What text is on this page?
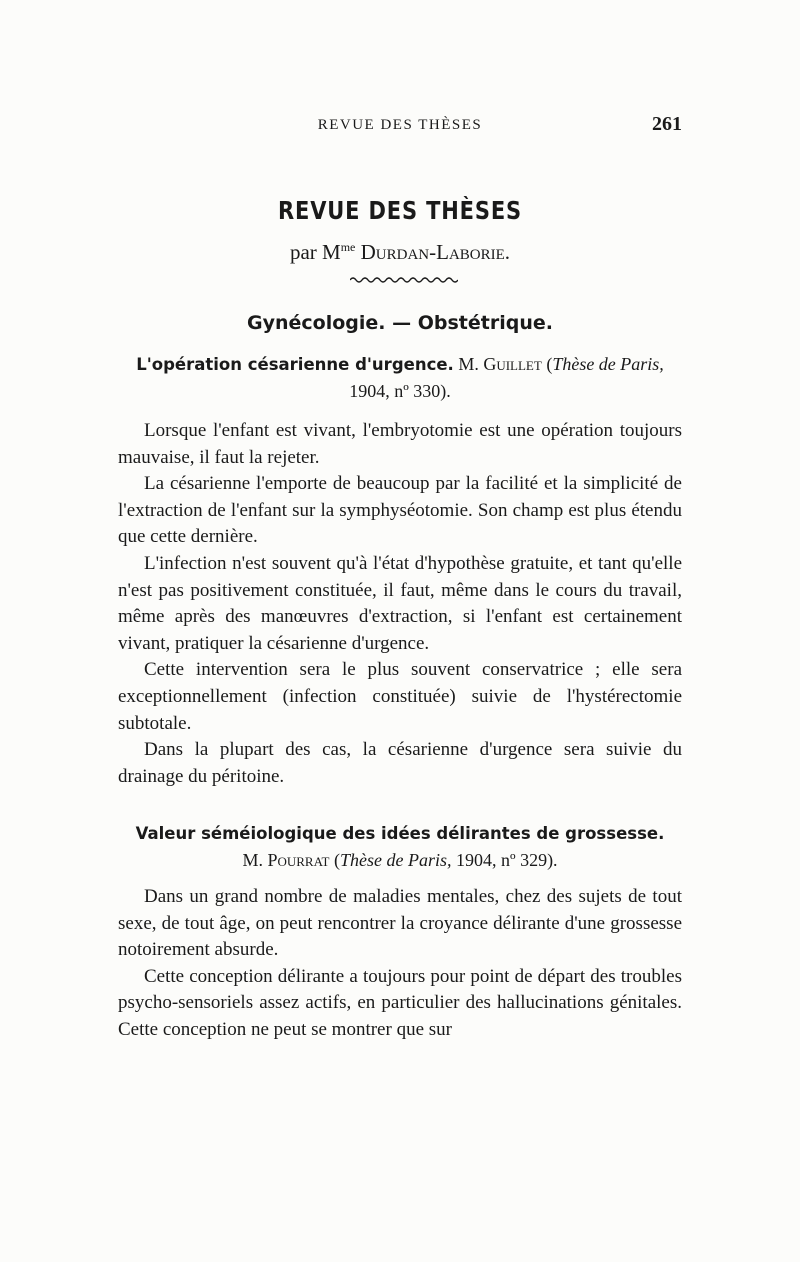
REVUE DES THÈSES	261
REVUE DES THÈSES
par $M^{me}$ Durdan-Laborie.
Gynécologie. — Obstétrique.
L'opération césarienne d'urgence. M. Guillet (Thèse de Paris, 1904, nº 330).

Lorsque l'enfant est vivant, l'embryotomie est une opération toujours mauvaise, il faut la rejeter.

La césarienne l'emporte de beaucoup par la facilité et la simplicité de l'extraction de l'enfant sur la symphyséotomie. Son champ est plus étendu que cette dernière.

L'infection n'est souvent qu'à l'état d'hypothèse gratuite, et tant qu'elle n'est pas positivement constituée, il faut, même dans le cours du travail, même après des manœuvres d'extraction, si l'enfant est certainement vivant, pratiquer la césarienne d'urgence.

Cette intervention sera le plus souvent conservatrice ; elle sera exceptionnellement (infection constituée) suivie de l'hystérectomie subtotale.

Dans la plupart des cas, la césarienne d'urgence sera suivie du drainage du péritoine.

Valeur séméiologique des idées délirantes de grossesse.
M. Pourrat (Thèse de Paris, 1904, nº 329).

Dans un grand nombre de maladies mentales, chez des sujets de tout sexe, de tout âge, on peut rencontrer la croyance délirante d'une grossesse notoirement absurde.

Cette conception délirante a toujours pour point de départ des troubles psycho-sensoriels assez actifs, en particulier des hallucinations génitales. Cette conception ne peut se montrer que sur
